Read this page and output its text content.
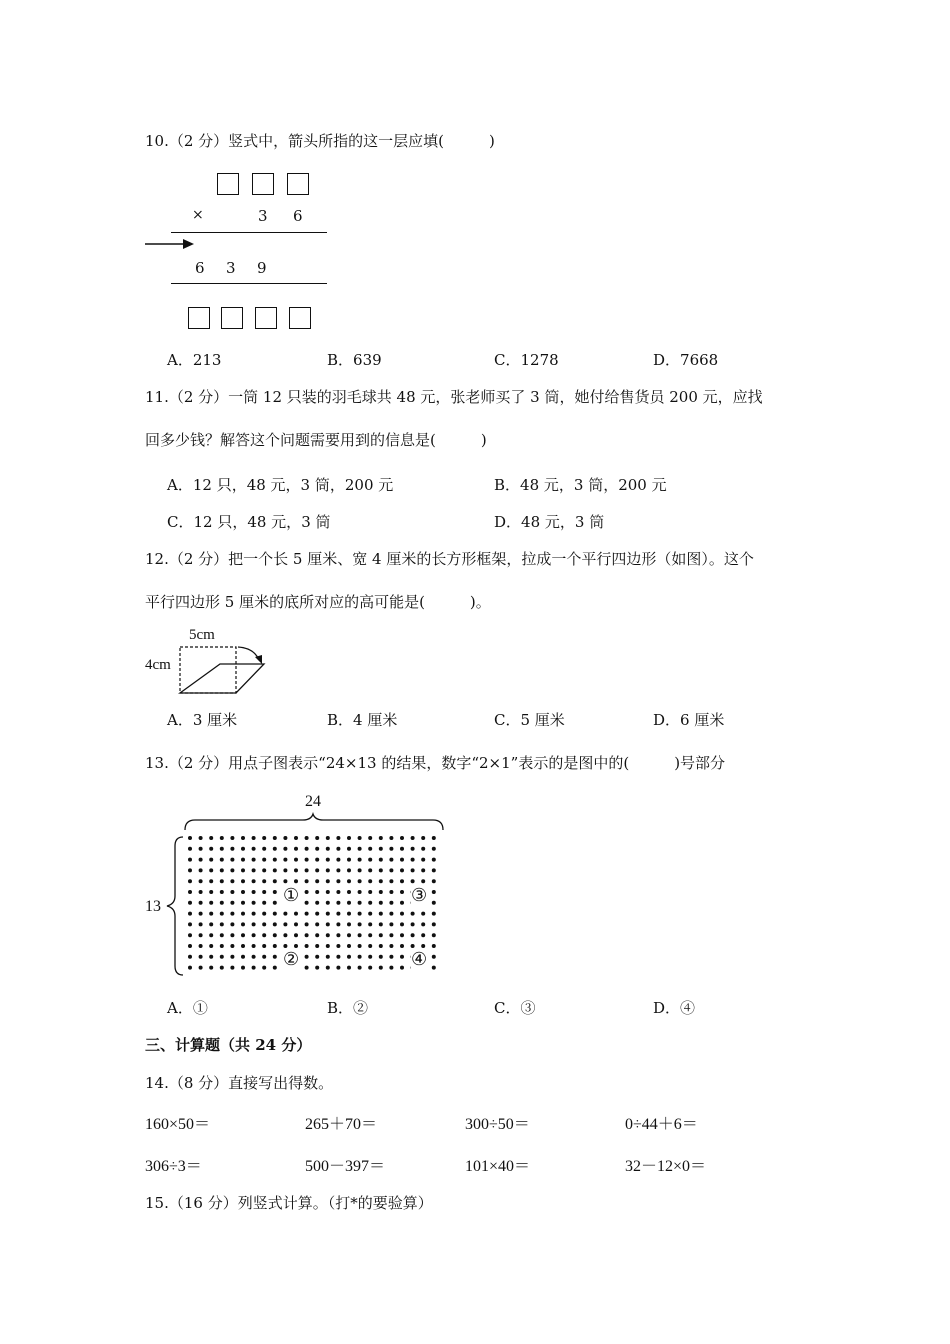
10.（2 分）竖式中，箭头所指的这一层应填(　　　)
×	3 6
6 3 9
A．213	B．639	C．1278	D．7668
11.（2 分）一筒 12 只装的羽毛球共 48 元，张老师买了 3 筒，她付给售货员 200 元，应找
回多少钱？解答这个问题需要用到的信息是(　　　)
A．12 只，48 元，3 筒，200 元	B．48 元，3 筒，200 元
C．12 只，48 元，3 筒	D．48 元，3 筒
12.（2 分）把一个长 5 厘米、宽 4 厘米的长方形框架，拉成一个平行四边形（如图）。这个
平行四边形 5 厘米的底所对应的高可能是(　　　)。
5cm
4cm
A．3 厘米	B．4 厘米	C．5 厘米	D．6 厘米
13.（2 分）用点子图表示“24×13 的结果，数字“2×1”表示的是图中的(　　　)号部分
24
13
①
②
③
④
A．①	B．②	C．③	D．④
三、计算题（共 24 分）
14.（8 分）直接写出得数。
160×50＝	265＋70＝	300÷50＝	0÷44＋6＝
306÷3＝	500－397＝	101×40＝	32－12×0＝
15.（16 分）列竖式计算。（打*的要验算）
